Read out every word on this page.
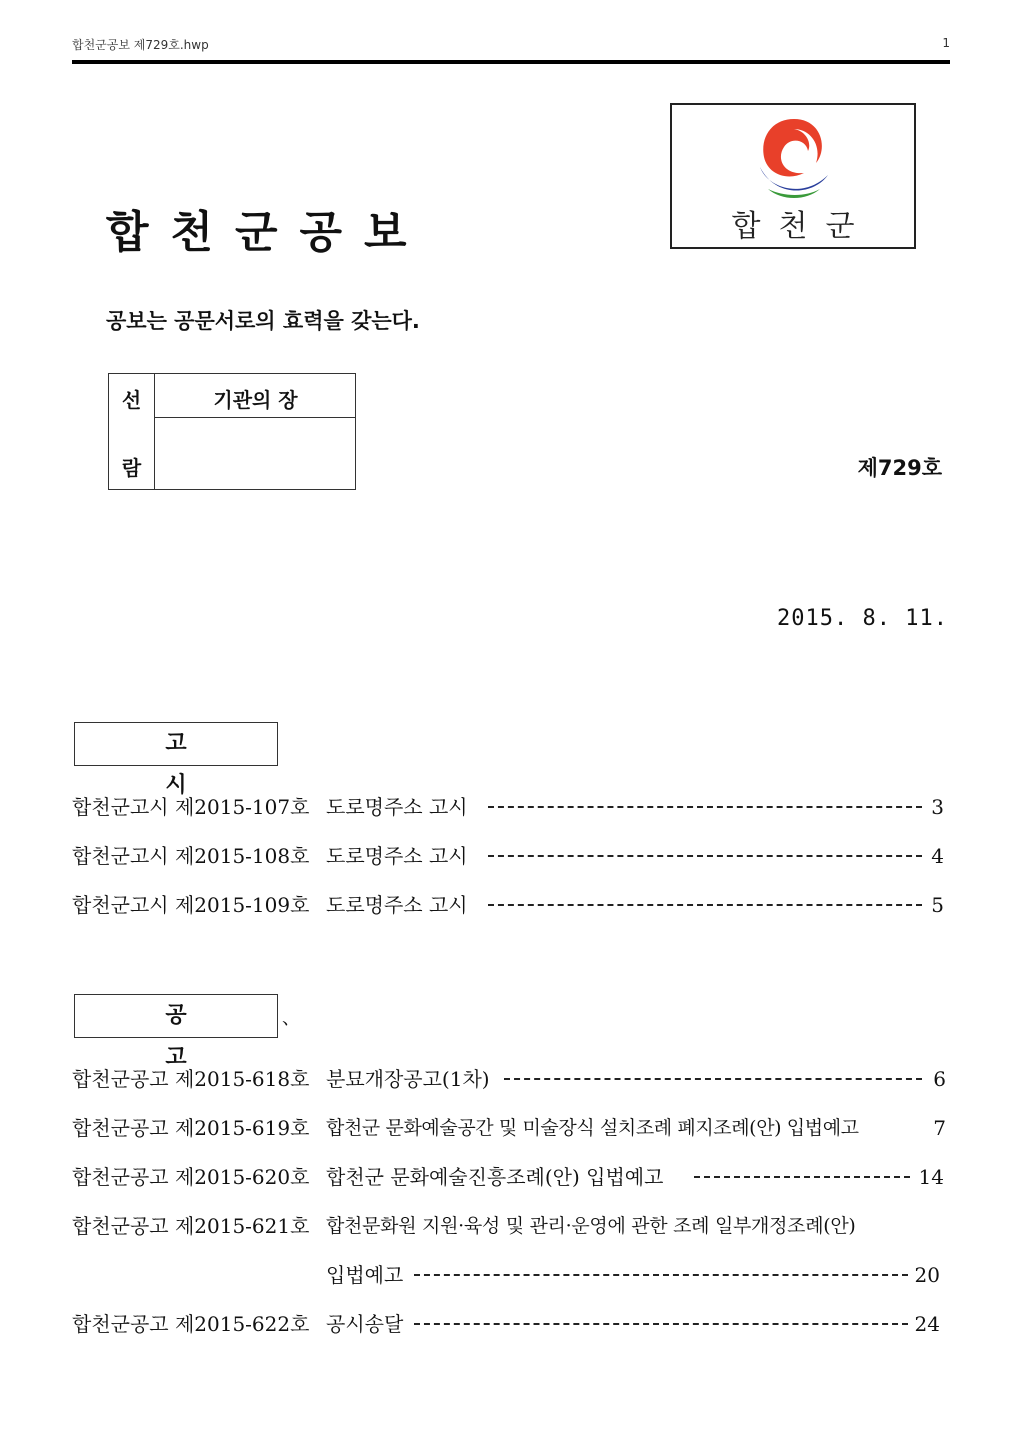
합천군공보 제729호.hwp	1
합천군공보	합천군
공보는 공문서로의 효력을 갖는다.
선
람
기관의 장
제729호
2015. 8. 11.
고 시
합천군고시 제2015-107호 도로명주소 고시	3
합천군고시 제2015-108호 도로명주소 고시	4
합천군고시 제2015-109호 도로명주소 고시	5
공 고
、
합천군공고 제2015-618호 분묘개장공고(1차)	6
합천군공고 제2015-619호 합천군 문화예술공간 및 미술장식 설치조례 폐지조례(안) 입법예고	7
합천군공고 제2015-620호 합천군 문화예술진흥조례(안) 입법예고	14
합천군공고 제2015-621호 합천문화원 지원·육성 및 관리·운영에 관한 조례 일부개정조례(안)
입법예고	20
합천군공고 제2015-622호 공시송달	24
